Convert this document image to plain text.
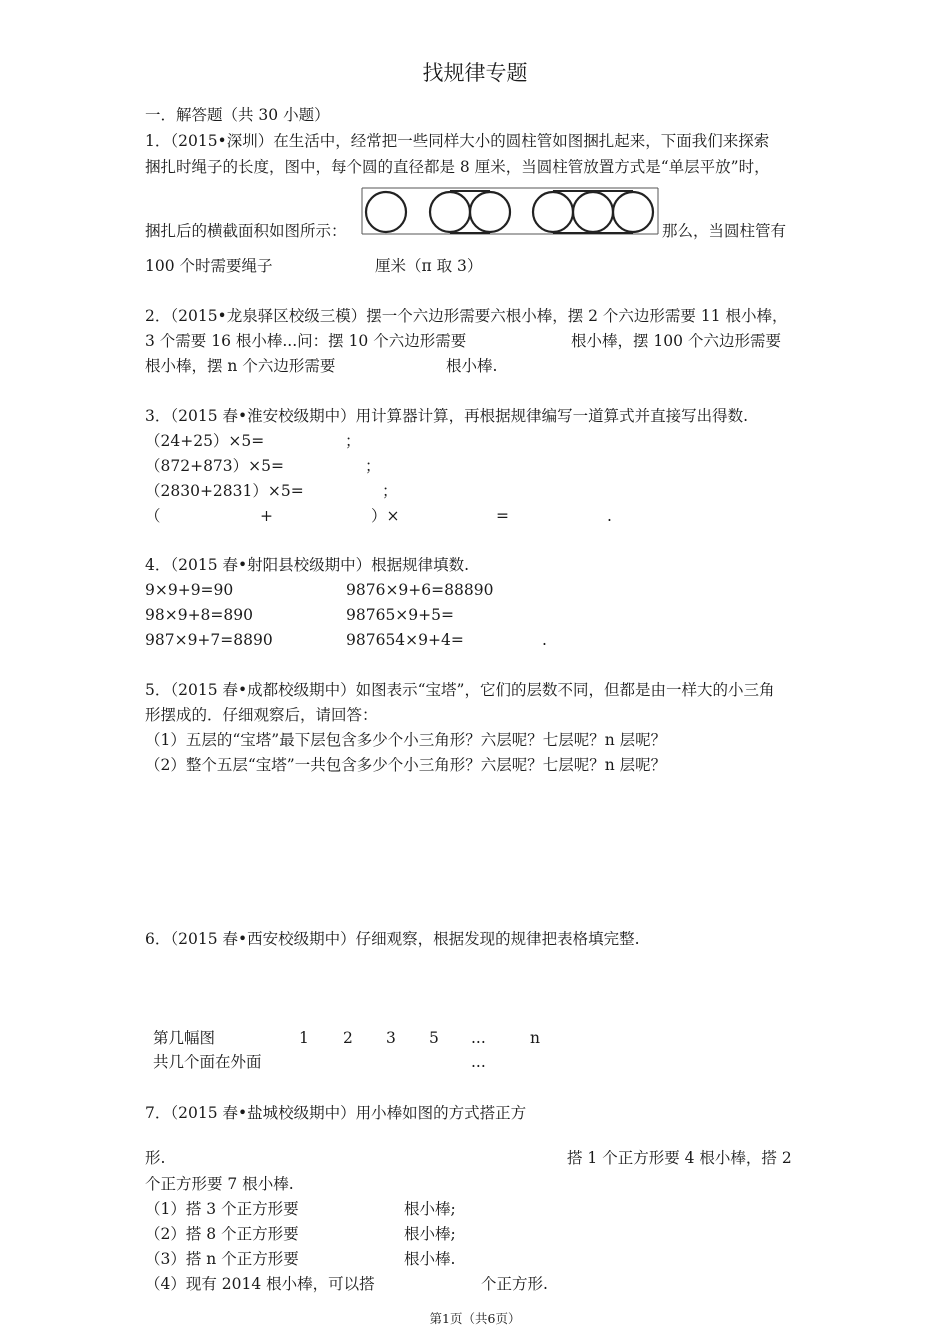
找规律专题
一．解答题（共 30 小题）
1．（2015•深圳）在生活中，经常把一些同样大小的圆柱管如图捆扎起来，下面我们来探索
捆扎时绳子的长度，图中，每个圆的直径都是 8 厘米，当圆柱管放置方式是“单层平放”时，
捆扎后的横截面积如图所示：	那么，当圆柱管有
100 个时需要绳子	厘米（π 取 3）
2．（2015•龙泉驿区校级三模）摆一个六边形需要六根小棒，摆 2 个六边形需要 11 根小棒，
3 个需要 16 根小棒...问：摆 10 个六边形需要	根小棒，摆 100 个六边形需要
根小棒，摆 n 个六边形需要	根小棒.
3．（2015 春•淮安校级期中）用计算器计算，再根据规律编写一道算式并直接写出得数.
（24+25）×5=	；
（872+873）×5=	；
（2830+2831）×5=	；
（	+	）×	=	.
4．（2015 春•射阳县校级期中）根据规律填数.
9×9+9=90	9876×9+6=88890
98×9+8=890	98765×9+5=
987×9+7=8890	987654×9+4=	.
5．（2015 春•成都校级期中）如图表示“宝塔”，它们的层数不同，但都是由一样大的小三角
形摆成的．仔细观察后，请回答：
（1）五层的“宝塔”最下层包含多少个小三角形？六层呢？七层呢？n 层呢？
（2）整个五层“宝塔”一共包含多少个小三角形？六层呢？七层呢？n 层呢？
6．（2015 春•西安校级期中）仔细观察，根据发现的规律把表格填完整.
第几幅图	1 2 3 5 ...	n
共几个面在外面	...
7．（2015 春•盐城校级期中）用小棒如图的方式搭正方
形.	搭 1 个正方形要 4 根小棒，搭 2
个正方形要 7 根小棒.
（1）搭 3 个正方形要	根小棒;
（2）搭 8 个正方形要	根小棒;
（3）搭 n 个正方形要	根小棒.
（4）现有 2014 根小棒，可以搭	个正方形.
第1页（共6页）
